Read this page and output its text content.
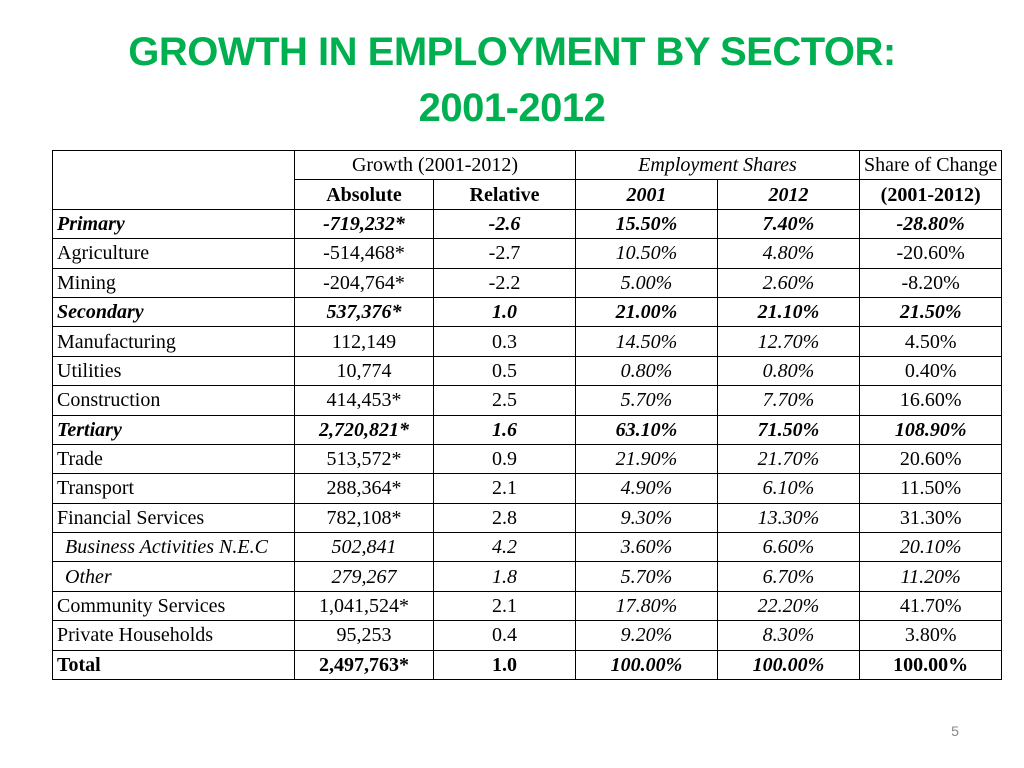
GROWTH IN EMPLOYMENT BY SECTOR:
2001-2012
	Growth (2001-2012)		Employment Shares		Share of Change
	Absolute	Relative	2001	2012	(2001-2012)
Primary	-719,232*	-2.6	15.50%	7.40%	-28.80%
Agriculture	-514,468*	-2.7	10.50%	4.80%	-20.60%
Mining	-204,764*	-2.2	5.00%	2.60%	-8.20%
Secondary	537,376*	1.0	21.00%	21.10%	21.50%
Manufacturing	112,149	0.3	14.50%	12.70%	4.50%
Utilities	10,774	0.5	0.80%	0.80%	0.40%
Construction	414,453*	2.5	5.70%	7.70%	16.60%
Tertiary	2,720,821*	1.6	63.10%	71.50%	108.90%
Trade	513,572*	0.9	21.90%	21.70%	20.60%
Transport	288,364*	2.1	4.90%	6.10%	11.50%
Financial Services	782,108*	2.8	9.30%	13.30%	31.30%
Business Activities N.E.C	502,841	4.2	3.60%	6.60%	20.10%
Other	279,267	1.8	5.70%	6.70%	11.20%
Community Services	1,041,524*	2.1	17.80%	22.20%	41.70%
Private Households	95,253	0.4	9.20%	8.30%	3.80%
Total	2,497,763*	1.0	100.00%	100.00%	100.00%
5
